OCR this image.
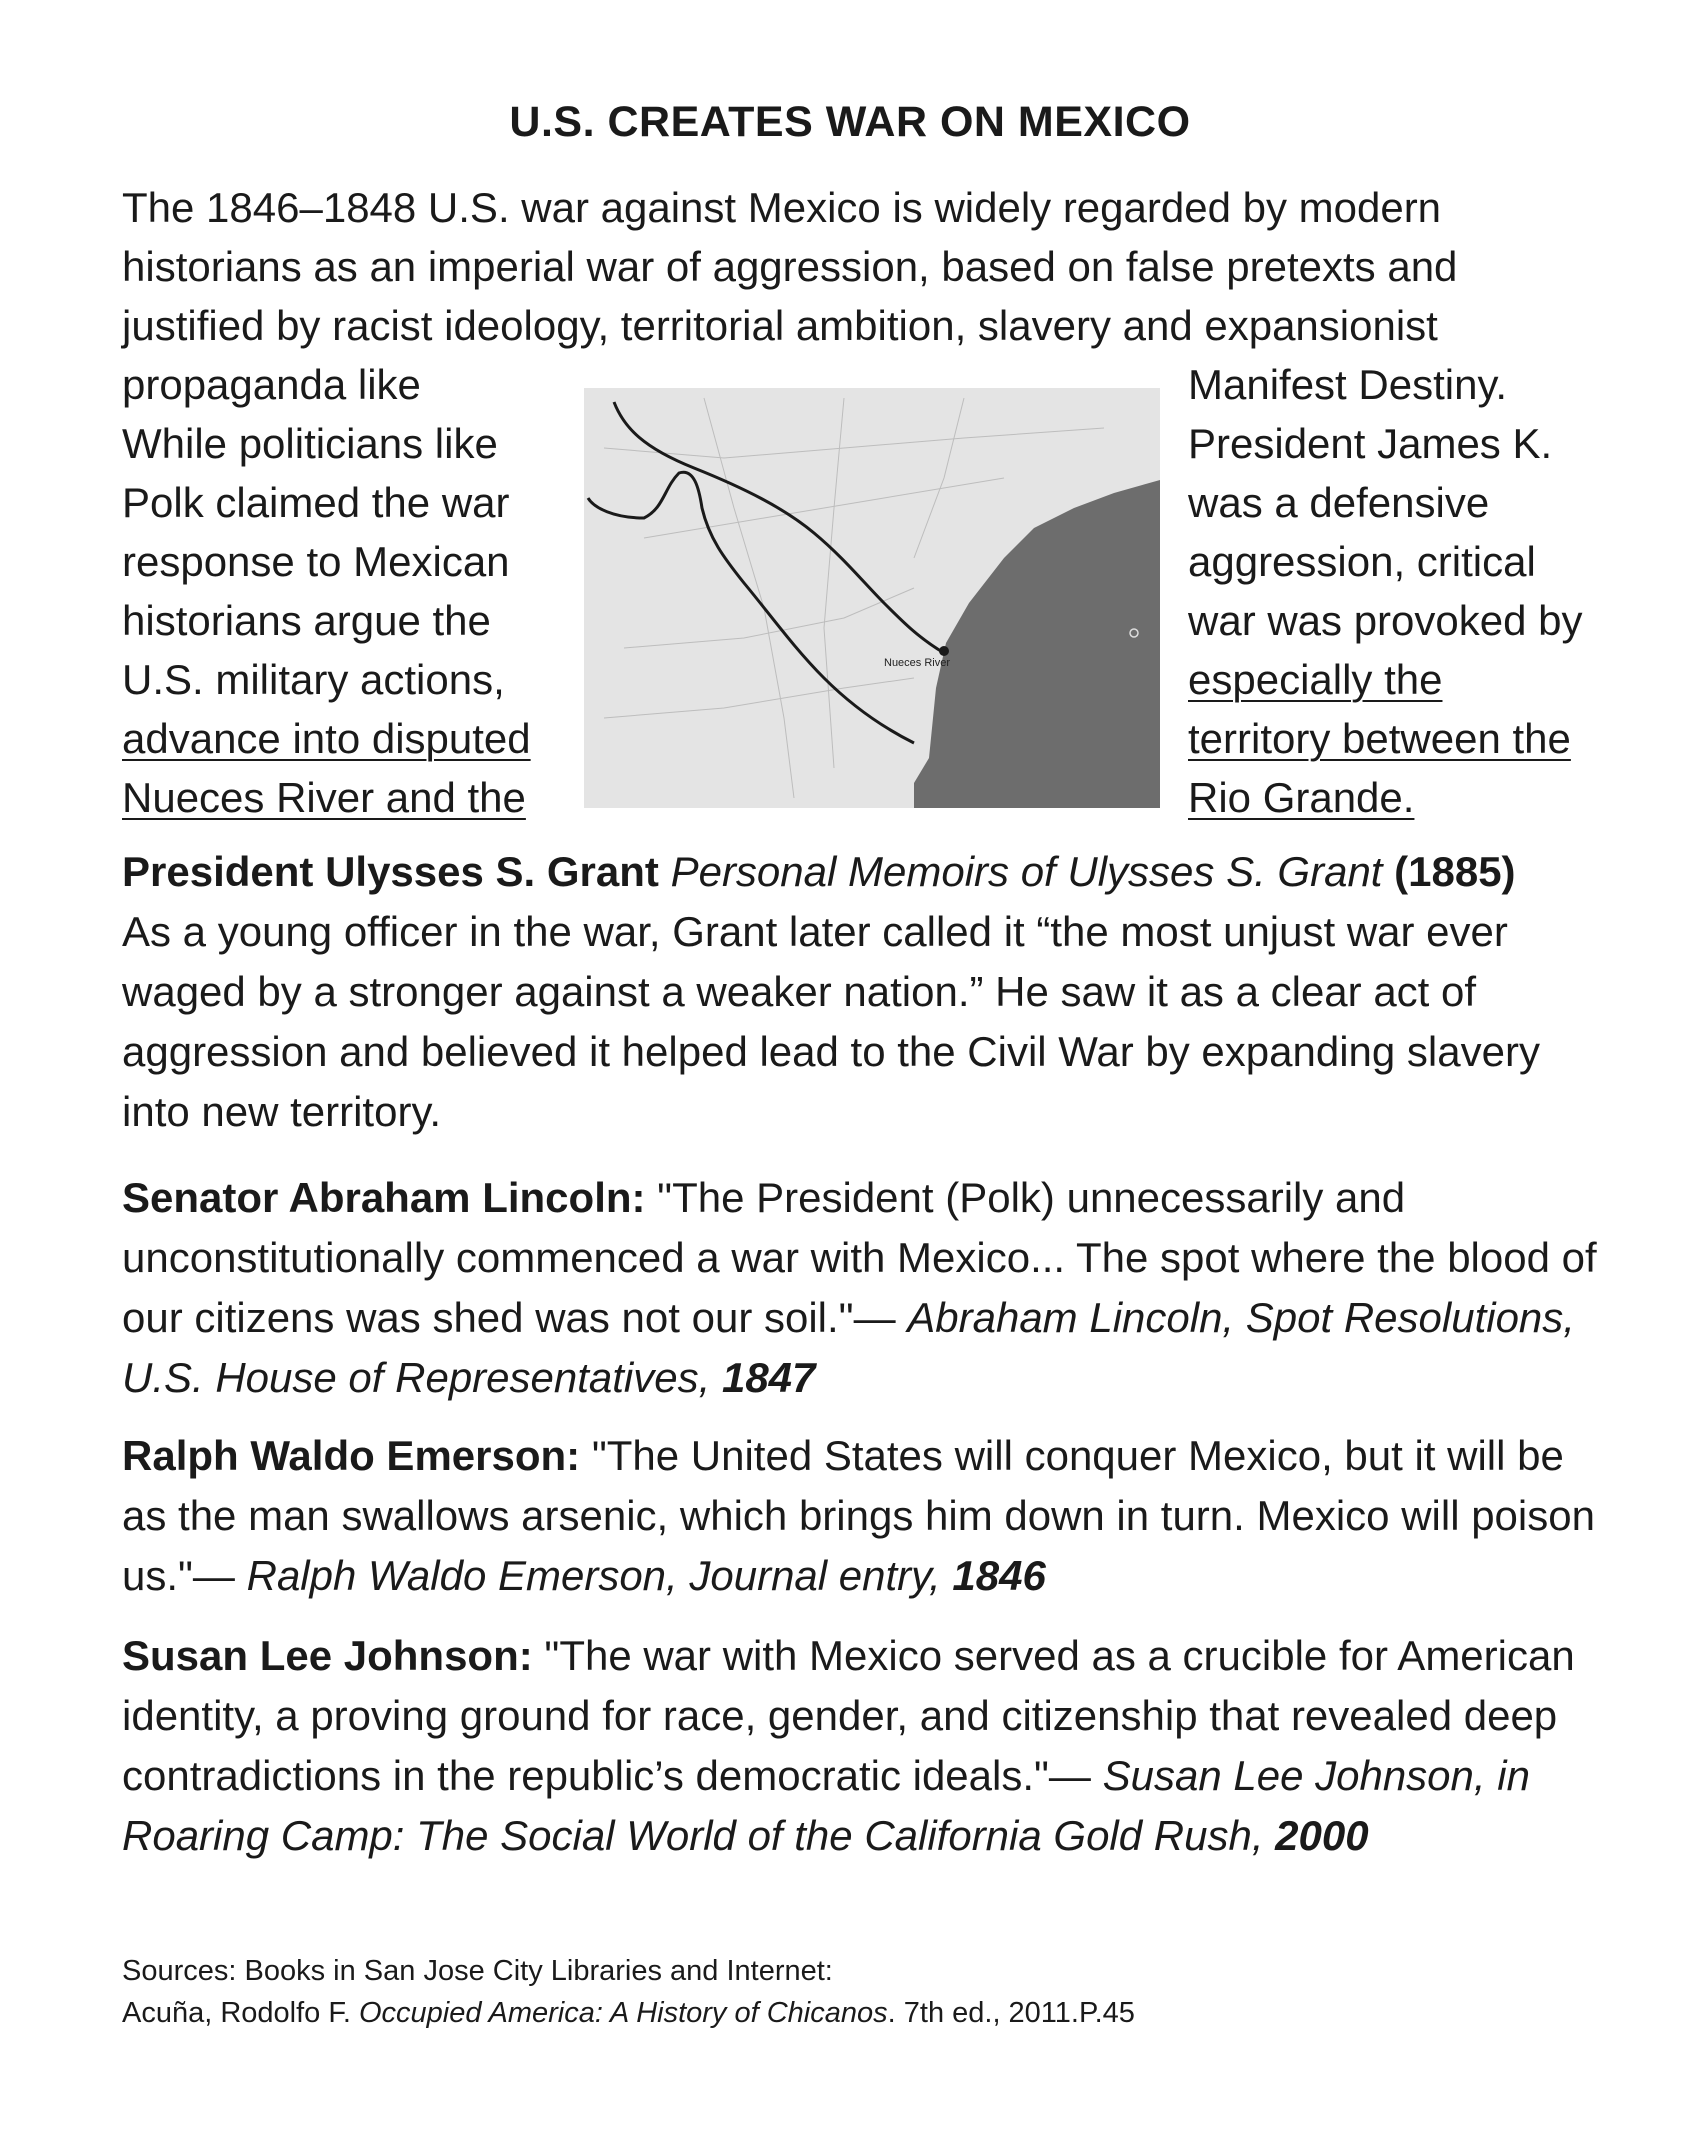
U.S. CREATES WAR ON MEXICO
The 1846–1848 U.S. war against Mexico is widely regarded by modern
historians as an imperial war of aggression, based on false pretexts and
justified by racist ideology, territorial ambition, slavery and expansionist
propaganda like
While politicians like
Polk claimed the war
response to Mexican
historians argue the
U.S. military actions,
advance into disputed
Nueces River and the
Manifest Destiny.
President James K.
was a defensive
aggression, critical
war was provoked by
especially the
territory between the
Rio Grande.
Nueces River
President Ulysses S. Grant Personal Memoirs of Ulysses S. Grant (1885)
As a young officer in the war, Grant later called it “the most unjust war ever waged by a stronger against a weaker nation.” He saw it as a clear act of aggression and believed it helped lead to the Civil War by expanding slavery into new territory.
Senator Abraham Lincoln: "The President (Polk) unnecessarily and unconstitutionally commenced a war with Mexico... The spot where the blood of our citizens was shed was not our soil."— Abraham Lincoln, Spot Resolutions, U.S. House of Representatives, 1847
Ralph Waldo Emerson: "The United States will conquer Mexico, but it will be as the man swallows arsenic, which brings him down in turn. Mexico will poison us."— Ralph Waldo Emerson, Journal entry, 1846
Susan Lee Johnson: "The war with Mexico served as a crucible for American identity, a proving ground for race, gender, and citizenship that revealed deep contradictions in the republic’s democratic ideals."— Susan Lee Johnson, in Roaring Camp: The Social World of the California Gold Rush, 2000
Sources: Books in San Jose City Libraries and Internet:
Acuña, Rodolfo F. Occupied America: A History of Chicanos. 7th ed., 2011.P.45
